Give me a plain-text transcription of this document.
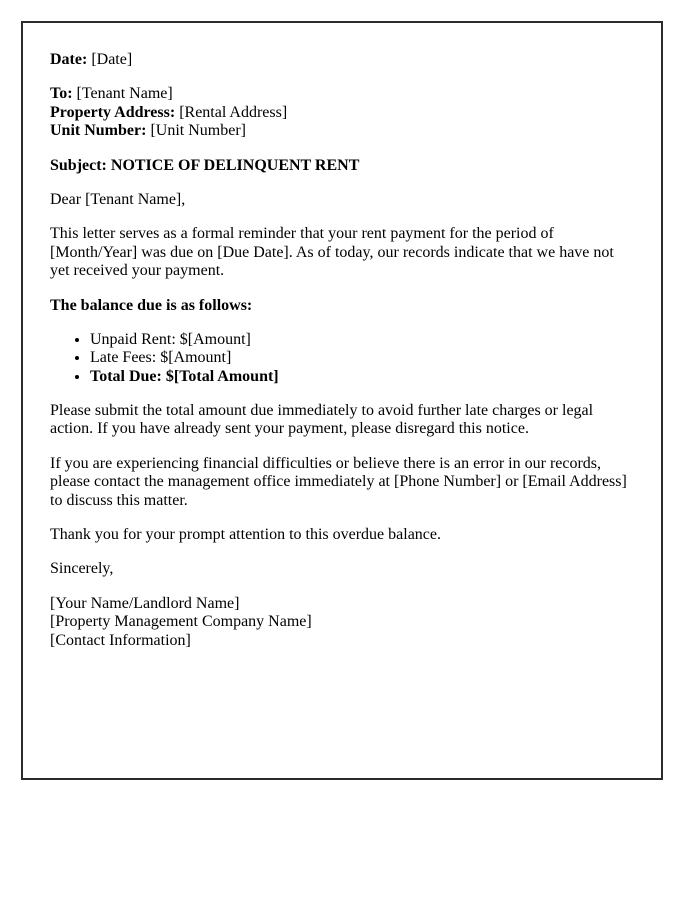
Date: [Date]

To: [Tenant Name]
Property Address: [Rental Address]
Unit Number: [Unit Number]

Subject: NOTICE OF DELINQUENT RENT

Dear [Tenant Name],

This letter serves as a formal reminder that your rent payment for the period of [Month/Year] was due on [Due Date]. As of today, our records indicate that we have not yet received your payment.

The balance due is as follows:

• Unpaid Rent: $[Amount]
• Late Fees: $[Amount]
• Total Due: $[Total Amount]

Please submit the total amount due immediately to avoid further late charges or legal action. If you have already sent your payment, please disregard this notice.

If you are experiencing financial difficulties or believe there is an error in our records, please contact the management office immediately at [Phone Number] or [Email Address] to discuss this matter.

Thank you for your prompt attention to this overdue balance.

Sincerely,

[Your Name/Landlord Name]
[Property Management Company Name]
[Contact Information]
